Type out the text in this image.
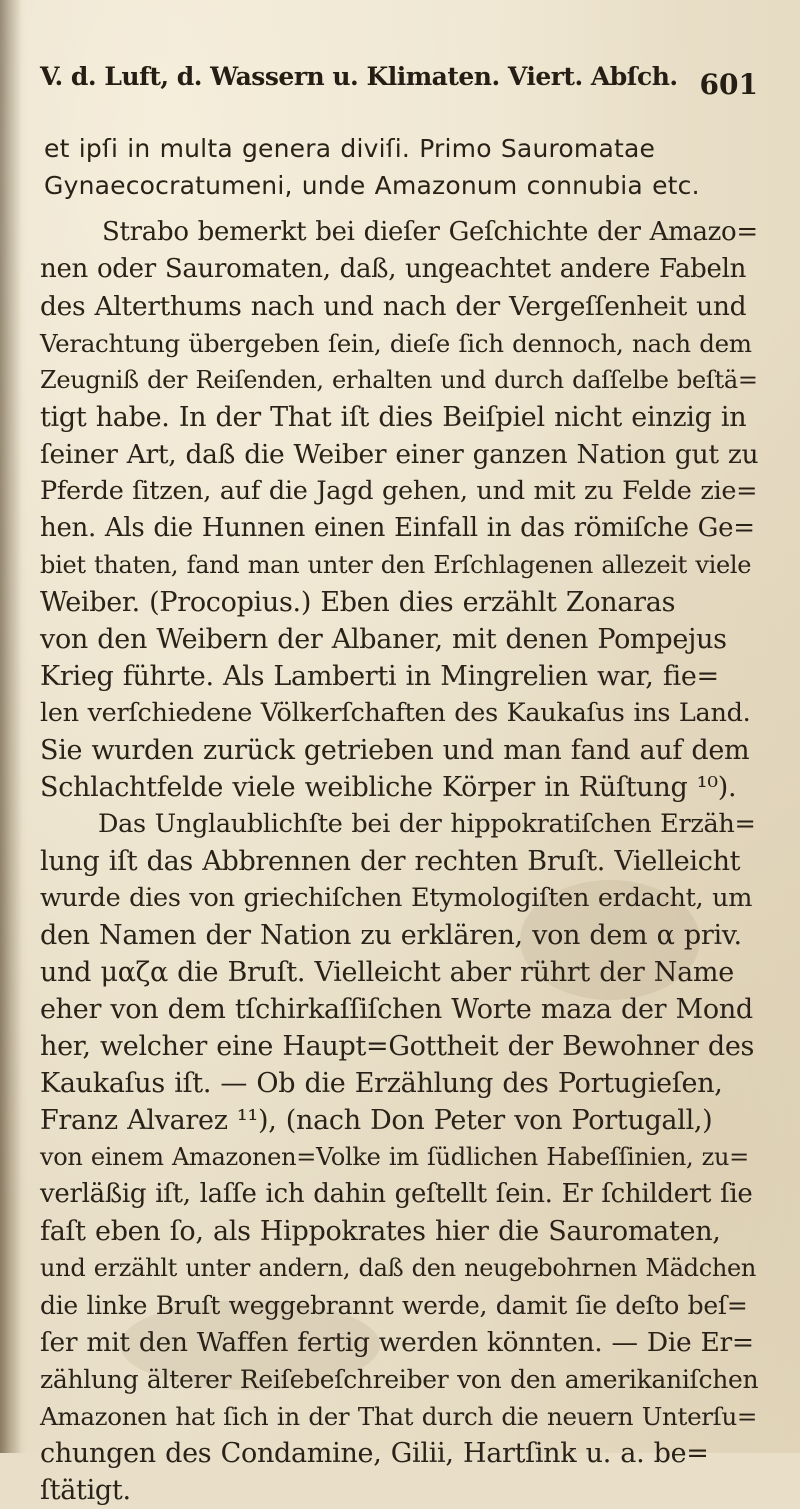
V. d. Luft, d. Wassern u. Klimaten. Viert. Abſch. 601
et ipſi in multa genera diviſi. Primo Sauromatae
Gynaecocratumeni, unde Amazonum connubia etc.
Strabo bemerkt bei dieſer Geſchichte der Amazo=
nen oder Sauromaten, daß, ungeachtet andere Fabeln
des Alterthums nach und nach der Vergeſſenheit und
Verachtung übergeben ſein, dieſe ſich dennoch, nach dem
Zeugniß der Reiſenden, erhalten und durch daſſelbe beſtä=
tigt habe. In der That iſt dies Beiſpiel nicht einzig in
ſeiner Art, daß die Weiber einer ganzen Nation gut zu
Pferde ſitzen, auf die Jagd gehen, und mit zu Felde zie=
hen. Als die Hunnen einen Einfall in das römiſche Ge=
biet thaten, fand man unter den Erſchlagenen allezeit viele
Weiber. (Procopius.) Eben dies erzählt Zonaras
von den Weibern der Albaner, mit denen Pompejus
Krieg führte. Als Lamberti in Mingrelien war, fie=
len verſchiedene Völkerſchaften des Kaukaſus ins Land.
Sie wurden zurück getrieben und man fand auf dem
Schlachtfelde viele weibliche Körper in Rüſtung ¹⁰).
Das Unglaublichſte bei der hippokratiſchen Erzäh=
lung iſt das Abbrennen der rechten Bruſt. Vielleicht
wurde dies von griechiſchen Etymologiſten erdacht, um
den Namen der Nation zu erklären, von dem α priv.
und μαζα die Bruſt. Vielleicht aber rührt der Name
eher von dem tſchirkaſſiſchen Worte maza der Mond
her, welcher eine Haupt=Gottheit der Bewohner des
Kaukaſus iſt. — Ob die Erzählung des Portugieſen,
Franz Alvarez ¹¹), (nach Don Peter von Portugall,)
von einem Amazonen=Volke im ſüdlichen Habeſſinien, zu=
verläßig iſt, laſſe ich dahin geſtellt ſein. Er ſchildert ſie
faſt eben ſo, als Hippokrates hier die Sauromaten,
und erzählt unter andern, daß den neugebohrnen Mädchen
die linke Bruſt weggebrannt werde, damit ſie deſto beſ=
ſer mit den Waffen fertig werden könnten. — Die Er=
zählung älterer Reiſebeſchreiber von den amerikaniſchen
Amazonen hat ſich in der That durch die neuern Unterſu=
chungen des Condamine, Gilii, Hartſink u. a. be=
ſtätigt.
